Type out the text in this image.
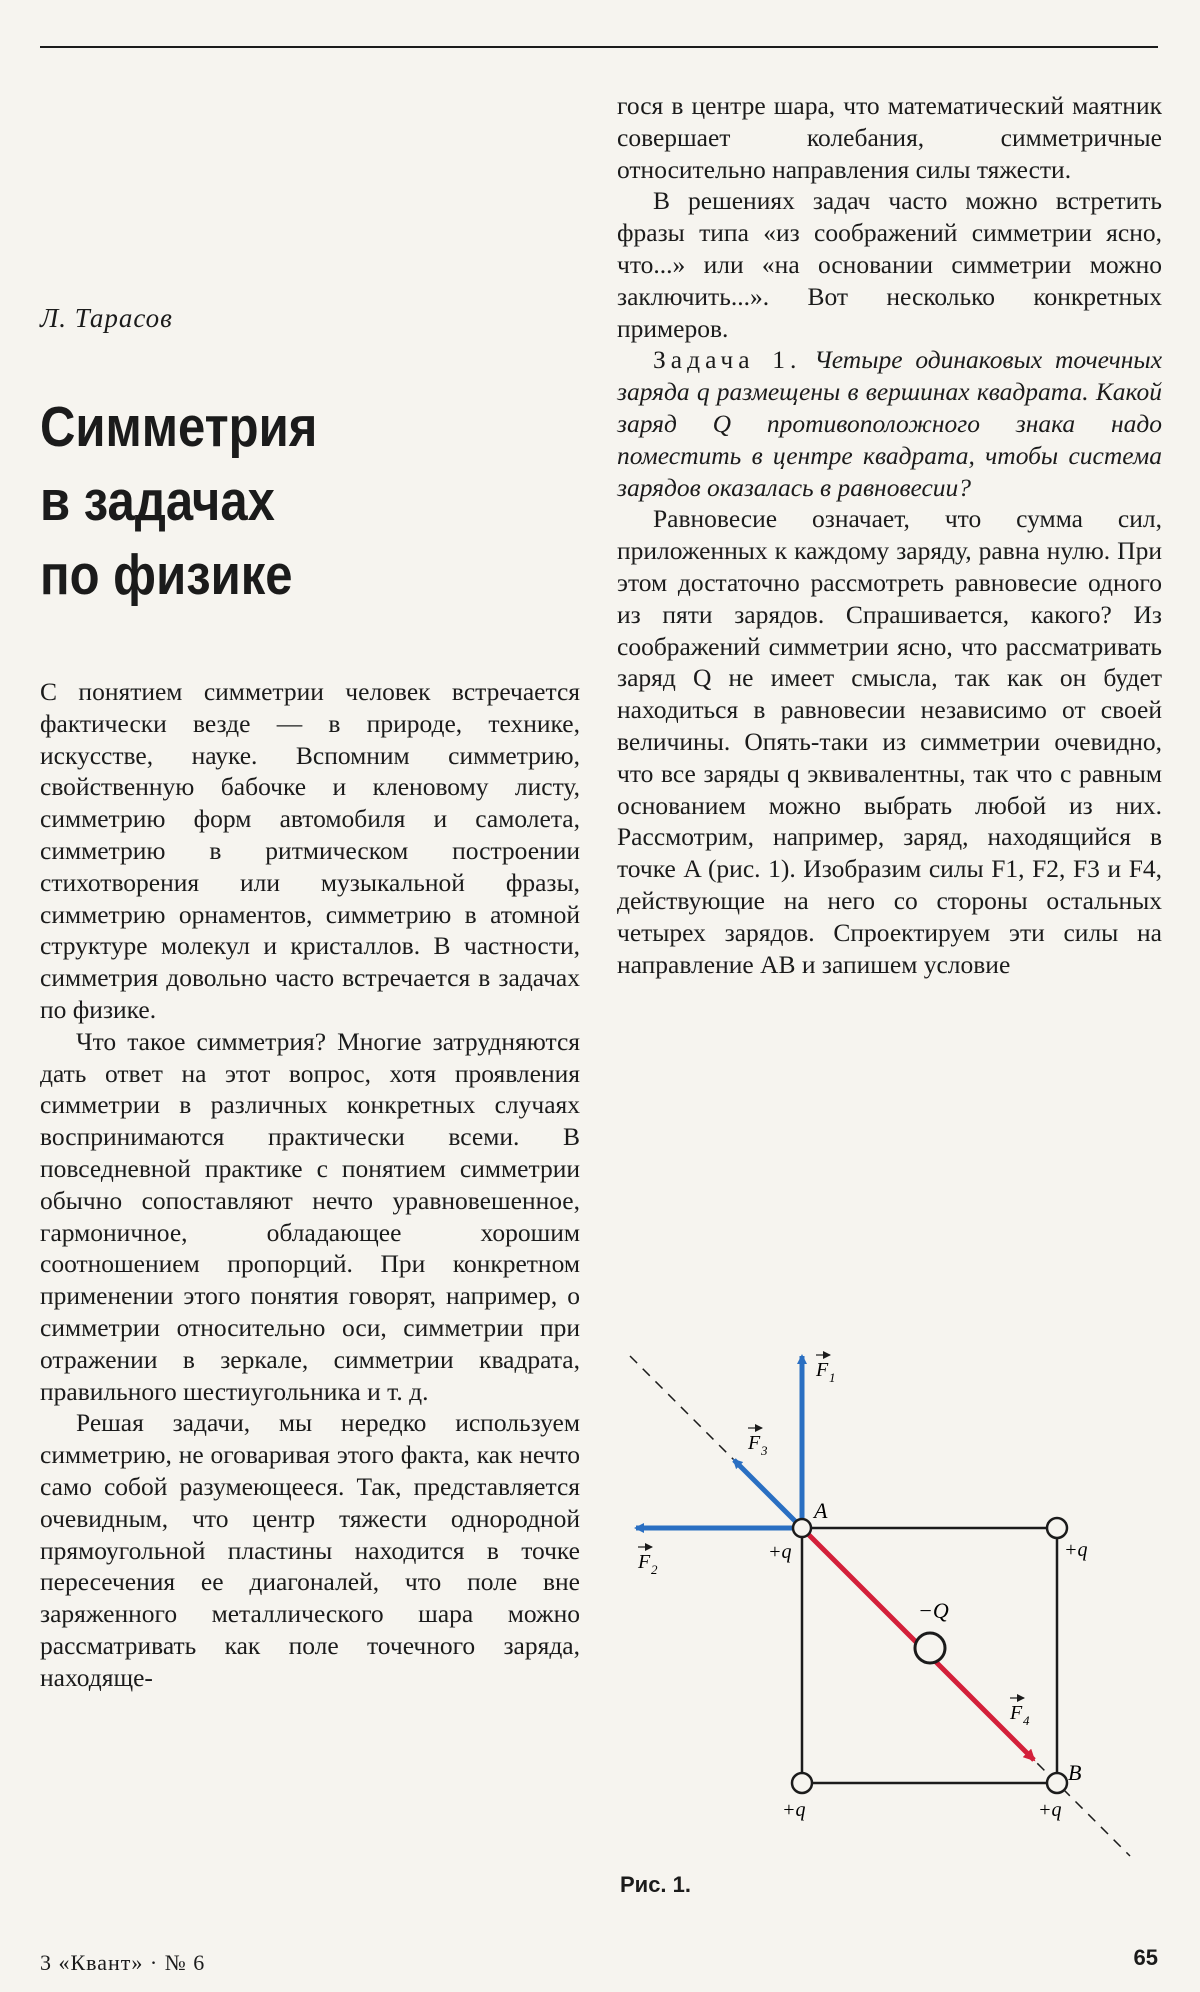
Л. Тарасов
Симметрия
в задачах
по физике

С понятием симметрии человек встречается фактически везде — в природе, технике, искусстве, науке. Вспомним симметрию, свойственную бабочке и кленовому листу, симметрию форм автомобиля и самолета, симметрию в ритмическом построении стихотворения или музыкальной фразы, симметрию орнаментов, симметрию в атомной структуре молекул и кристаллов. В частности, симметрия довольно часто встречается в задачах по физике.

Что такое симметрия? Многие затрудняются дать ответ на этот вопрос, хотя проявления симметрии в различных конкретных случаях воспринимаются практически всеми. В повседневной практике с понятием симметрии обычно сопоставляют нечто уравновешенное, гармоничное, обладающее хорошим соотношением пропорций. При конкретном применении этого понятия говорят, например, о симметрии относительно оси, симметрии при отражении в зеркале, симметрии квадрата, правильного шестиугольника и т. д.

Решая задачи, мы нередко используем симметрию, не оговаривая этого факта, как нечто само собой разумеющееся. Так, представляется очевидным, что центр тяжести однородной прямоугольной пластины находится в точке пересечения ее диагоналей, что поле вне заряженного металлического шара можно рассматривать как поле точечного заряда, находяще-

гося в центре шара, что математический маятник совершает колебания, симметричные относительно направления силы тяжести.

В решениях задач часто можно встретить фразы типа «из соображений симметрии ясно, что...» или «на основании симметрии можно заключить...». Вот несколько конкретных примеров.

Задача 1. Четыре одинаковых точечных заряда q размещены в вершинах квадрата. Какой заряд Q противоположного знака надо поместить в центре квадрата, чтобы система зарядов оказалась в равновесии?

Равновесие означает, что сумма сил, приложенных к каждому заряду, равна нулю. При этом достаточно рассмотреть равновесие одного из пяти зарядов. Спрашивается, какого? Из соображений симметрии ясно, что рассматривать заряд Q не имеет смысла, так как он будет находиться в равновесии независимо от своей величины. Опять-таки из симметрии очевидно, что все заряды q эквивалентны, так что с равным основанием можно выбрать любой из них. Рассмотрим, например, заряд, находящийся в точке A (рис. 1). Изобразим силы F1, F2, F3 и F4, действующие на него со стороны остальных четырех зарядов. Спроектируем эти силы на направление AB и запишем условие

A
B
+q	+q
+q	+q
−Q
F 1
F 2
F 3
F 4
Рис. 1.
3 «Квант» · № 6	65
